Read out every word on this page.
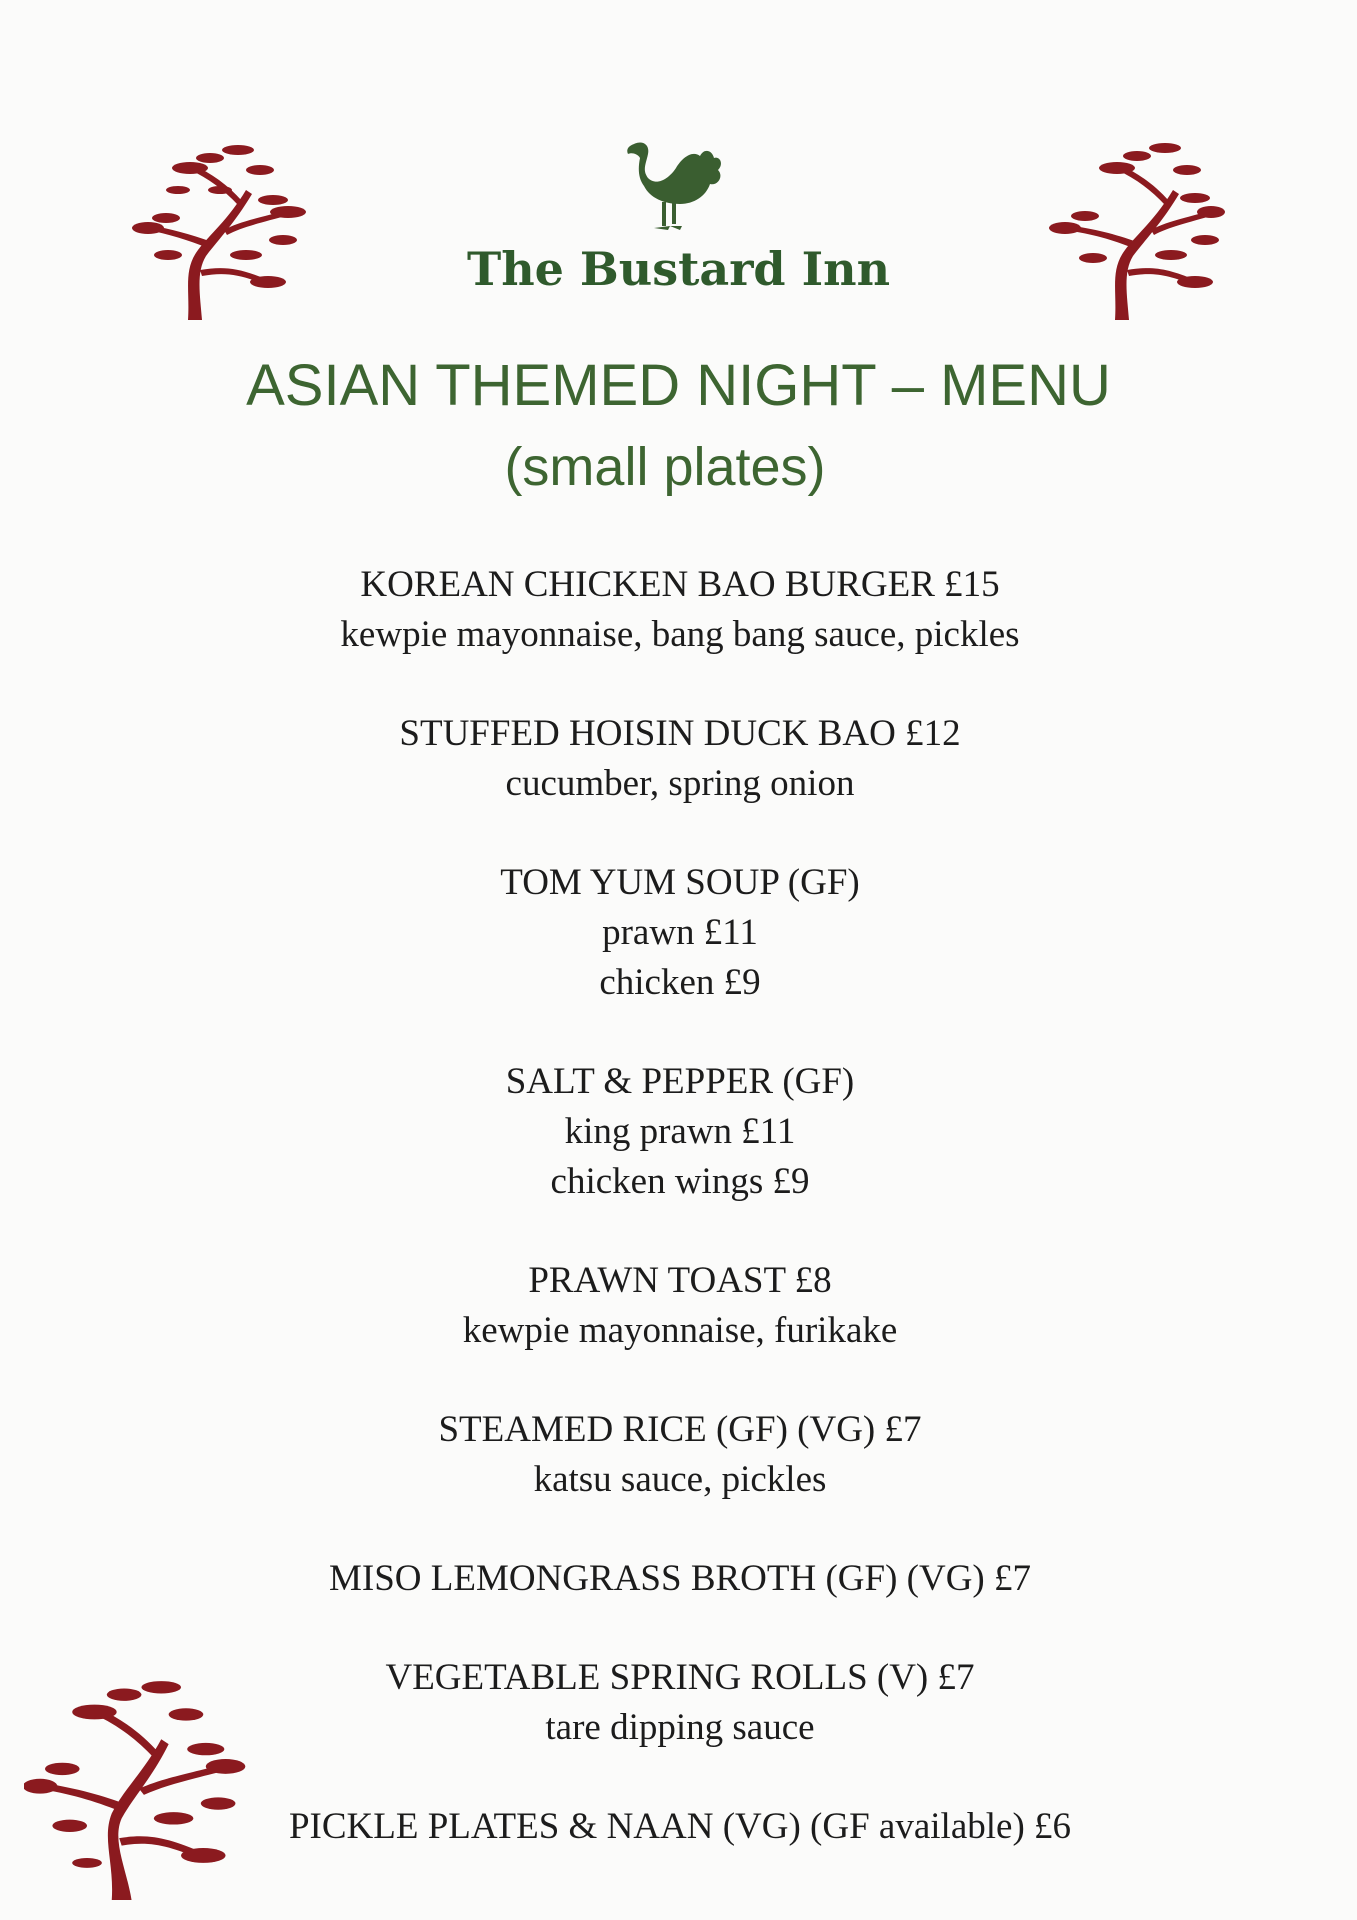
The Bustard Inn
ASIAN THEMED NIGHT – MENU
(small plates)
KOREAN CHICKEN BAO BURGER £15
kewpie mayonnaise, bang bang sauce, pickles
STUFFED HOISIN DUCK BAO £12
cucumber, spring onion
TOM YUM SOUP (GF)
prawn £11
chicken £9
SALT & PEPPER (GF)
king prawn £11
chicken wings £9
PRAWN TOAST £8
kewpie mayonnaise, furikake
STEAMED RICE (GF) (VG) £7
katsu sauce, pickles
MISO LEMONGRASS BROTH (GF) (VG) £7
VEGETABLE SPRING ROLLS (V) £7
tare dipping sauce
PICKLE PLATES & NAAN (VG) (GF available) £6
